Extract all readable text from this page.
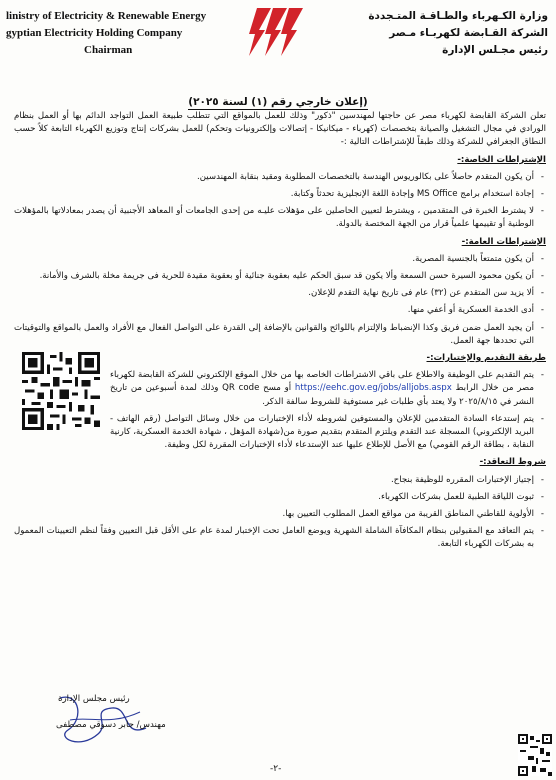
linistry of Electricity & Renewable Energy
gyptian Electricity Holding Company
Chairman
وزارة الكـهرباء والطـاقـة المتـجددة
الشركة القـابضة لكهربـاء مـصر
رئيس مجـلس الإدارة
(إعلان خارجي رقم (١) لسنة ٢٠٢٥)

تعلن الشركة القابضة لكهرباء مصر عن حاجتها لمهندسين "ذكور" وذلك للعمل بالمواقع التي تتطلب طبيعة العمل التواجد الدائم بها أو العمل بنظام الورادي في مجال التشغيل والصيانة بتخصصات (كهرباء - ميكانيكا - إتصالات وإلكترونيات وتحكم) للعمل بشركات إنتاج وتوزيع الكهرباء التابعة كلاً حسب النطاق الجغرافي للشركة وذلك طبقاً للإشتراطات التالية :-

الإشتراطات الخاصة:-

- أن يكون المتقدم حاصلاً على بكالوريوس الهندسة بالتخصصات المطلوبة ومقيد بنقابة المهندسين.

- إجادة استخدام برامج MS Office وإجادة اللغة الإنجليزية تحدثاً وكتابة.

- لا يشترط الخبرة فى المتقدمين ، ويشترط لتعيين الحاصلين على مؤهلات عليـه من إحدى الجامعات أو المعاهد الأجنبية أن يصدر بمعادلاتها بالمؤهلات الوطنية أو تقييمها علمياً قرار من الجهة المختصة بالدولة.

الإشتراطات العامة:-

- أن يكون متمتعاً بالجنسية المصرية.

- أن يكون محمود السيرة حسن السمعة وألا يكون قد سبق الحكم عليه بعقوبة جنائية أو بعقوبة مقيدة للحرية فى جريمة مخلة بالشرف والأمانة.

- ألا يزيد سن المتقدم عن (٣٢) عام فى تاريخ نهاية التقدم للإعلان.

- أدى الخدمة العسكرية أو أعفي منها.

- أن يجيد العمل ضمن فريق وكذا الإنضباط والإلتزام باللوائح والقوانين بالإضافة إلى القدرة على التواصل الفعال مع الأفراد والعمل بالمواقع والتوقيتات التي تحددها جهة العمل.

طريقة التقديم والإختبارات:-

- يتم التقديم على الوظيفة والاطلاع على باقي الاشتراطات الخاصه بها من خلال الموقع الإلكتروني للشركة القابضة لكهرباء مصر من خلال الرابط https://eehc.gov.eg/jobs/alljobs.aspx أو مسح QR code وذلك لمدة أسبوعين من تاريخ النشر في ٢٠٢٥/٨/١٥ ولا يعتد بأي طلبات غير مستوفية للشروط سالفة الذكر.

- يتم إستدعاء السادة المتقدمين للإعلان والمستوفين لشروطه لأداء الإختبارات من خلال وسائل التواصل (رقم الهاتف - البريد الإلكتروني) المسجلة عند التقدم ويلتزم المتقدم بتقديم صورة من(شهادة المؤهل ، شهادة الخدمة العسكرية، كارنية النقابة ، بطاقة الرقم القومي) مع الأصل للإطلاع عليها عند الإستدعاء لأداء الإختبارات المقررة لكل وظيفة.

شروط التعاقد:-

- إجتياز الإختبارات المقرره للوظيفة بنجاح.

- ثبوت اللياقة الطبية للعمل بشركات الكهرباء.

- الأولوية للقاطني المناطق القريبة من مواقع العمل المطلوب التعيين بها.

- يتم التعاقد مع المقبولين بنظام المكافآة الشاملة الشهرية ويوضع العامل تحت الإختبار لمدة عام على الأقل قبل التعيين وفقاً لنظم التعيينات المعمول به بشركات الكهرباء التابعة.

رئيس مجلس الإدارة
مهندس/ جابر دسوقي مصطفى
-٢-
